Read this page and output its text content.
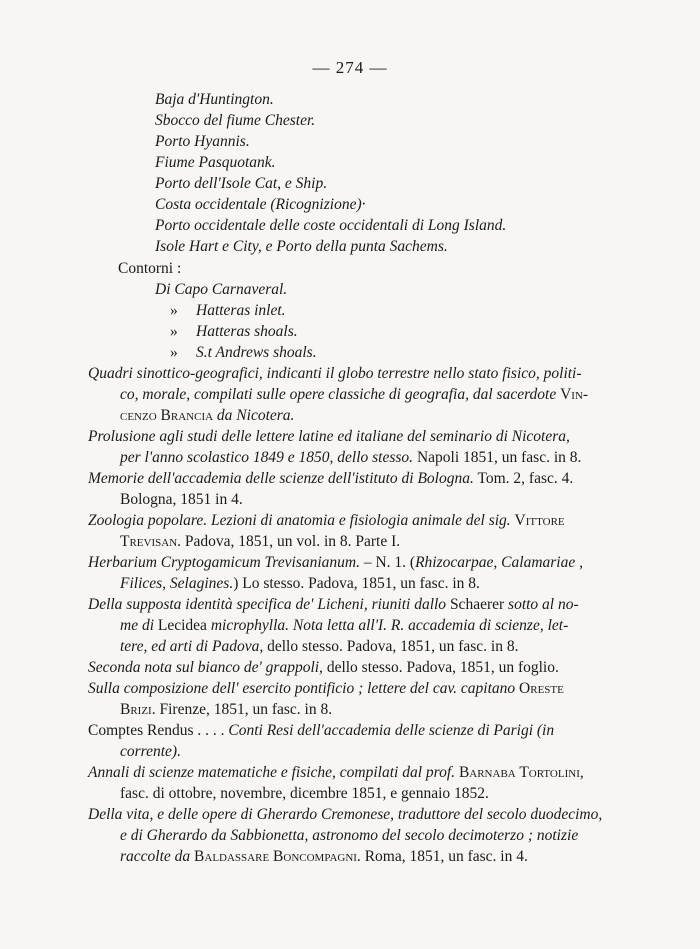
— 274 —
Baja d'Huntington.
Sbocco del fiume Chester.
Porto Hyannis.
Fiume Pasquotank.
Porto dell'Isole Cat, e Ship.
Costa occidentale (Ricognizione)·
Porto occidentale delle coste occidentali di Long Island.
Isole Hart e City, e Porto della punta Sachems.
Contorni :
Di Capo Carnaveral.
» Hatteras inlet.
» Hatteras shoals.
» S.t Andrews shoals.
Quadri sinottico-geografici, indicanti il globo terrestre nello stato fisico, politi-
co, morale, compilati sulle opere classiche di geografia, dal sacerdote Vin-
cenzo Brancia da Nicotera.
Prolusione agli studi delle lettere latine ed italiane del seminario di Nicotera,
per l'anno scolastico 1849 e 1850, dello stesso. Napoli 1851, un fasc. in 8.
Memorie dell'accademia delle scienze dell'istituto di Bologna. Tom. 2, fasc. 4.
Bologna, 1851 in 4.
Zoologia popolare. Lezioni di anatomia e fisiologia animale del sig. Vittore
Trevisan. Padova, 1851, un vol. in 8. Parte I.
Herbarium Cryptogamicum Trevisanianum. – N. 1. (Rhizocarpae, Calamariae ,
Filices, Selagines.) Lo stesso. Padova, 1851, un fasc. in 8.
Della supposta identità specifica de' Licheni, riuniti dallo Schaerer sotto al no-
me di Lecidea microphylla. Nota letta all'I. R. accademia di scienze, let-
tere, ed arti di Padova, dello stesso. Padova, 1851, un fasc. in 8.
Seconda nota sul bianco de' grappoli, dello stesso. Padova, 1851, un foglio.
Sulla composizione dell' esercito pontificio ; lettere del cav. capitano Oreste
Brizi. Firenze, 1851, un fasc. in 8.
Comptes Rendus . . . . Conti Resi dell'accademia delle scienze di Parigi (in
corrente).
Annali di scienze matematiche e fisiche, compilati dal prof. Barnaba Tortolini,
fasc. di ottobre, novembre, dicembre 1851, e gennaio 1852.
Della vita, e delle opere di Gherardo Cremonese, traduttore del secolo duodecimo,
e di Gherardo da Sabbionetta, astronomo del secolo decimoterzo ; notizie
raccolte da Baldassare Boncompagni. Roma, 1851, un fasc. in 4.
